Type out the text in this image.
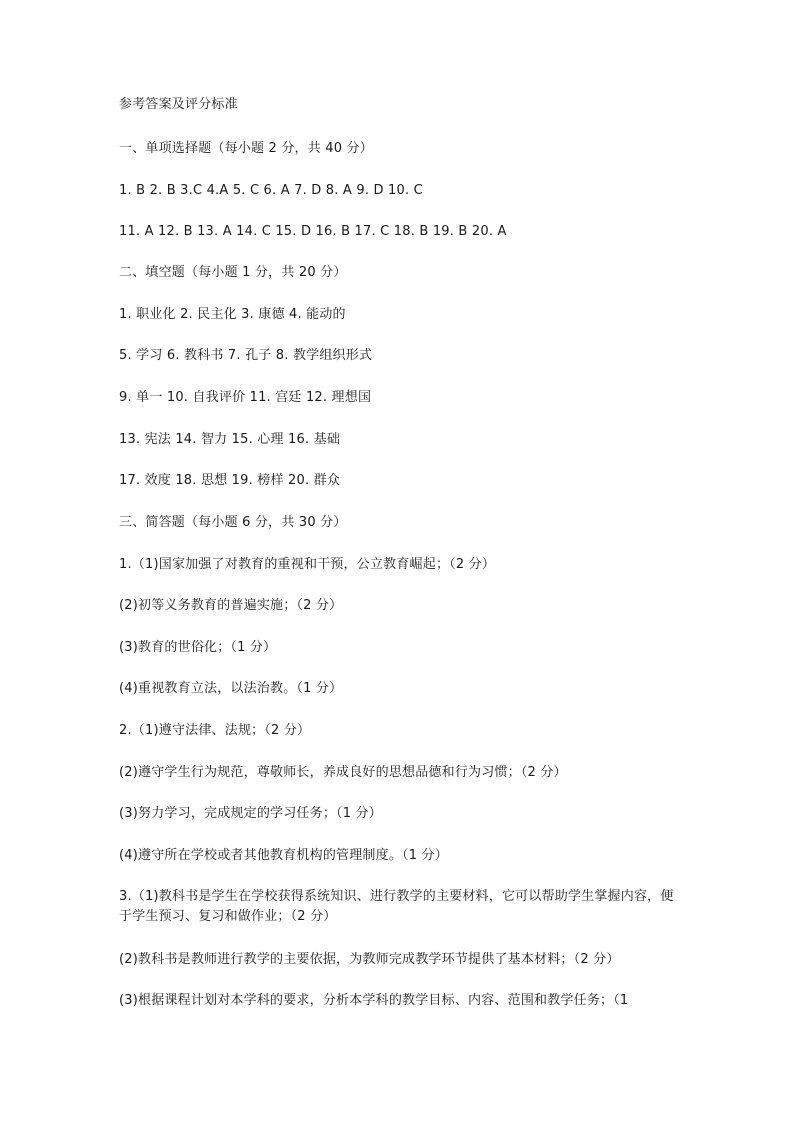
参考答案及评分标准
一、单项选择题（每小题 2 分，共 40 分）
1. B 2. B 3.C 4.A 5. C 6. A 7. D 8. A 9. D 10. C
11. A 12. B 13. A 14. C 15. D 16. B 17. C 18. B 19. B 20. A
二、填空题（每小题 1 分，共 20 分）
1. 职业化 2. 民主化 3. 康德 4. 能动的
5. 学习 6. 教科书 7. 孔子 8. 教学组织形式
9. 单一 10. 自我评价 11. 宫廷 12. 理想国
13. 宪法 14. 智力 15. 心理 16. 基础
17. 效度 18. 思想 19. 榜样 20. 群众
三、简答题（每小题 6 分，共 30 分）
1.（1)国家加强了对教育的重视和干预，公立教育崛起；（2 分）
(2)初等义务教育的普遍实施；（2 分）
(3)教育的世俗化；（1 分）
(4)重视教育立法，以法治教。（1 分）
2.（1)遵守法律、法规；（2 分）
(2)遵守学生行为规范，尊敬师长，养成良好的思想品德和行为习惯；（2 分）
(3)努力学习，完成规定的学习任务；（1 分）
(4)遵守所在学校或者其他教育机构的管理制度。（1 分）
3.（1)教科书是学生在学校获得系统知识、进行教学的主要材料，它可以帮助学生掌握内容，便于学生预习、复习和做作业；（2 分）
(2)教科书是教师进行教学的主要依据，为教师完成教学环节提供了基本材料；（2 分）
(3)根据课程计划对本学科的要求，分析本学科的教学目标、内容、范围和教学任务；（1
